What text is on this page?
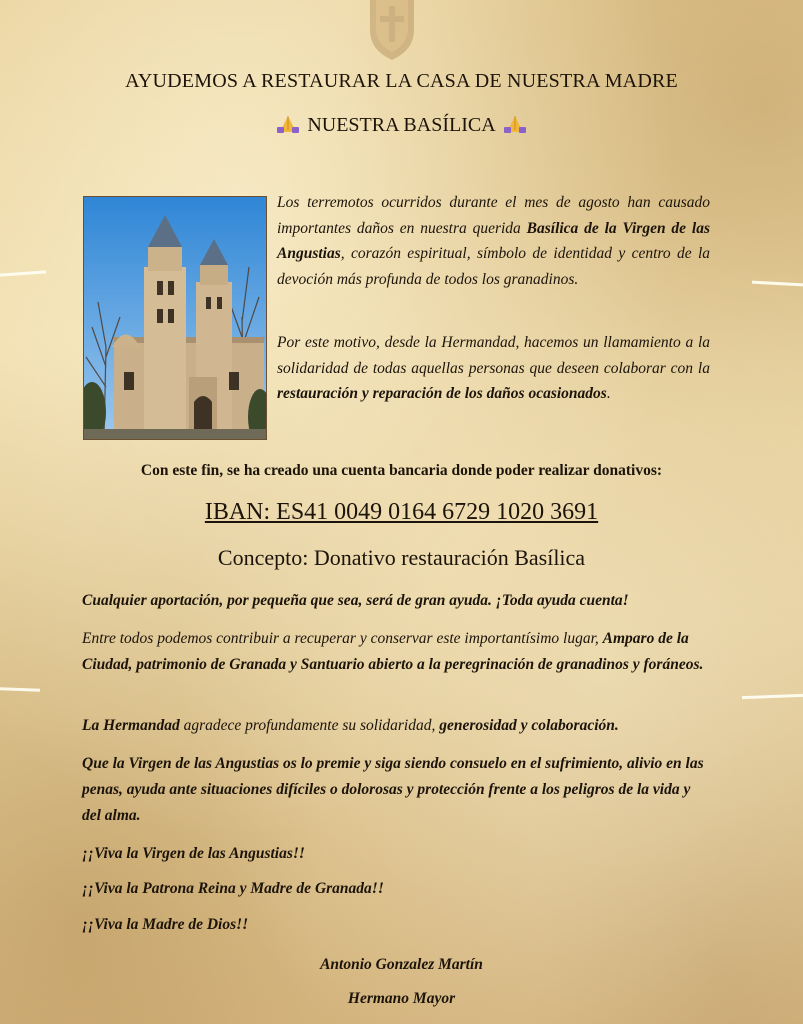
AYUDEMOS A RESTAURAR LA CASA DE NUESTRA MADRE
NUESTRA BASÍLICA

Los terremotos ocurridos durante el mes de agosto han causado importantes daños en nuestra querida Basílica de la Virgen de las Angustias, corazón espiritual, símbolo de identidad y centro de la devoción más profunda de todos los granadinos.

Por este motivo, desde la Hermandad, hacemos un llamamiento a la solidaridad de todas aquellas personas que deseen colaborar con la restauración y reparación de los daños ocasionados.

Con este fin, se ha creado una cuenta bancaria donde poder realizar donativos:

IBAN: ES41 0049 0164 6729 1020 3691
Concepto: Donativo restauración Basílica

Cualquier aportación, por pequeña que sea, será de gran ayuda. ¡Toda ayuda cuenta!

Entre todos podemos contribuir a recuperar y conservar este importantísimo lugar, Amparo de la Ciudad, patrimonio de Granada y Santuario abierto a la peregrinación de granadinos y foráneos.

La Hermandad agradece profundamente su solidaridad, generosidad y colaboración.

Que la Virgen de las Angustias os lo premie y siga siendo consuelo en el sufrimiento, alivio en las penas, ayuda ante situaciones difíciles o dolorosas y protección frente a los peligros de la vida y del alma.

¡¡Viva la Virgen de las Angustias!!

¡¡Viva la Patrona Reina y Madre de Granada!!

¡¡Viva la Madre de Dios!!

Antonio Gonzalez Martín

Hermano Mayor
